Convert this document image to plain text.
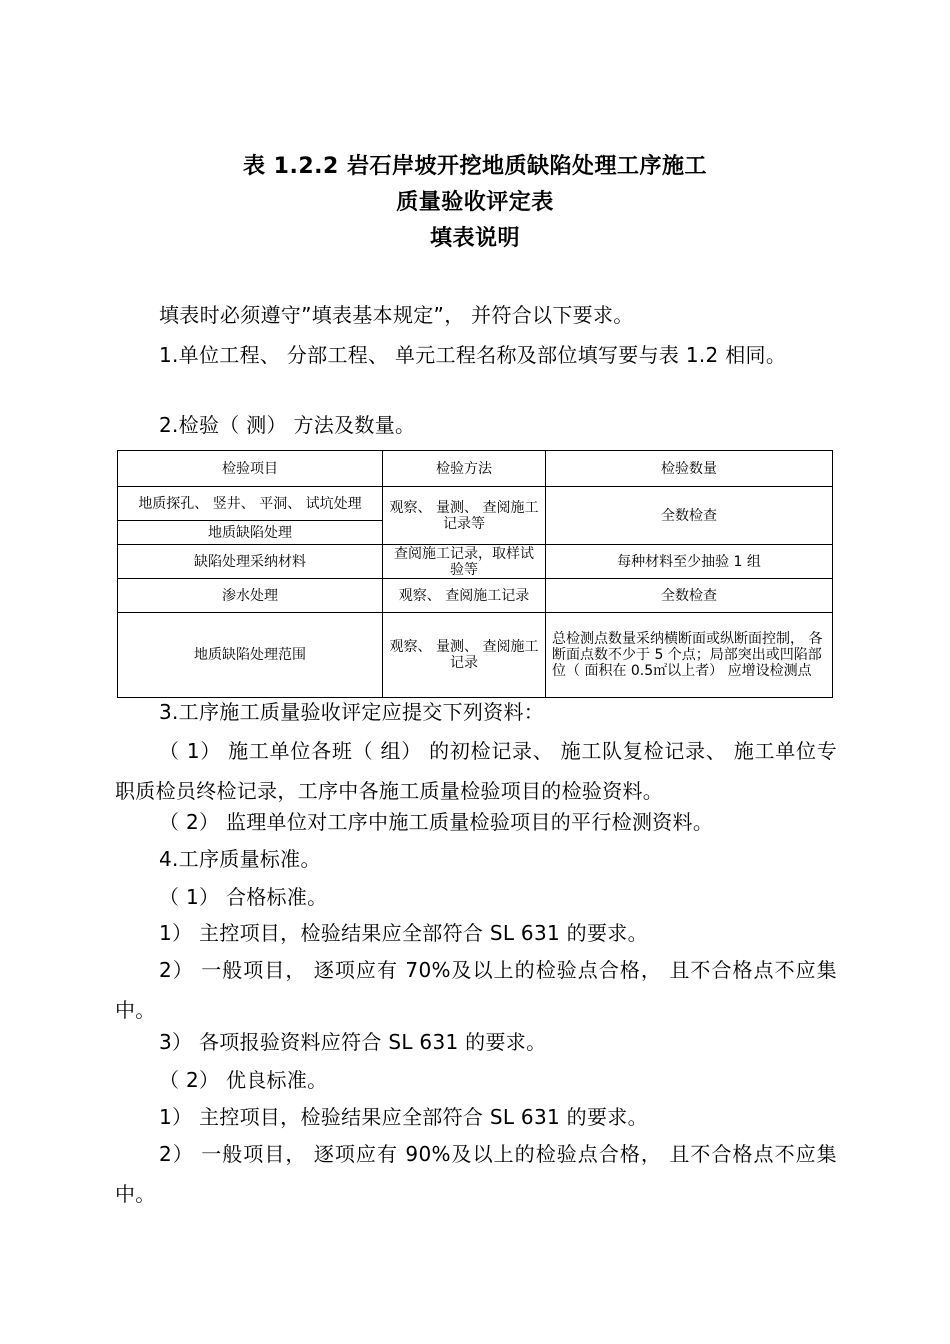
表 1.2.2 岩石岸坡开挖地质缺陷处理工序施工
质量验收评定表
填表说明
填表时必须遵守”填表基本规定”， 并符合以下要求。
1.单位工程、 分部工程、 单元工程名称及部位填写要与表 1.2 相同。
2.检验（ 测） 方法及数量。
检验项目	检验方法	检验数量
地质探孔、 竖井、 平洞、 试坑处理	观察、 量测、 查阅施工记录等	全数检查
地质缺陷处理		
缺陷处理采纳材料	查阅施工记录，取样试验等	每种材料至少抽验 1 组
渗水处理	观察、 查阅施工记录	全数检查
地质缺陷处理范围	观察、 量测、 查阅施工记录	总检测点数量采纳横断面或纵断面控制， 各断面点数不少于 5 个点；局部突出或凹陷部位（ 面积在 0.5㎡以上者） 应增设检测点
3.工序施工质量验收评定应提交下列资料：
（ 1） 施工单位各班（ 组） 的初检记录、 施工队复检记录、 施工单位专职质检员终检记录，工序中各施工质量检验项目的检验资料。
（ 2） 监理单位对工序中施工质量检验项目的平行检测资料。
4.工序质量标准。
（ 1） 合格标准。
1） 主控项目，检验结果应全部符合 SL 631 的要求。
2） 一般项目， 逐项应有 70%及以上的检验点合格， 且不合格点不应集中。
3） 各项报验资料应符合 SL 631 的要求。
（ 2） 优良标准。
1） 主控项目，检验结果应全部符合 SL 631 的要求。
2） 一般项目， 逐项应有 90%及以上的检验点合格， 且不合格点不应集中。
